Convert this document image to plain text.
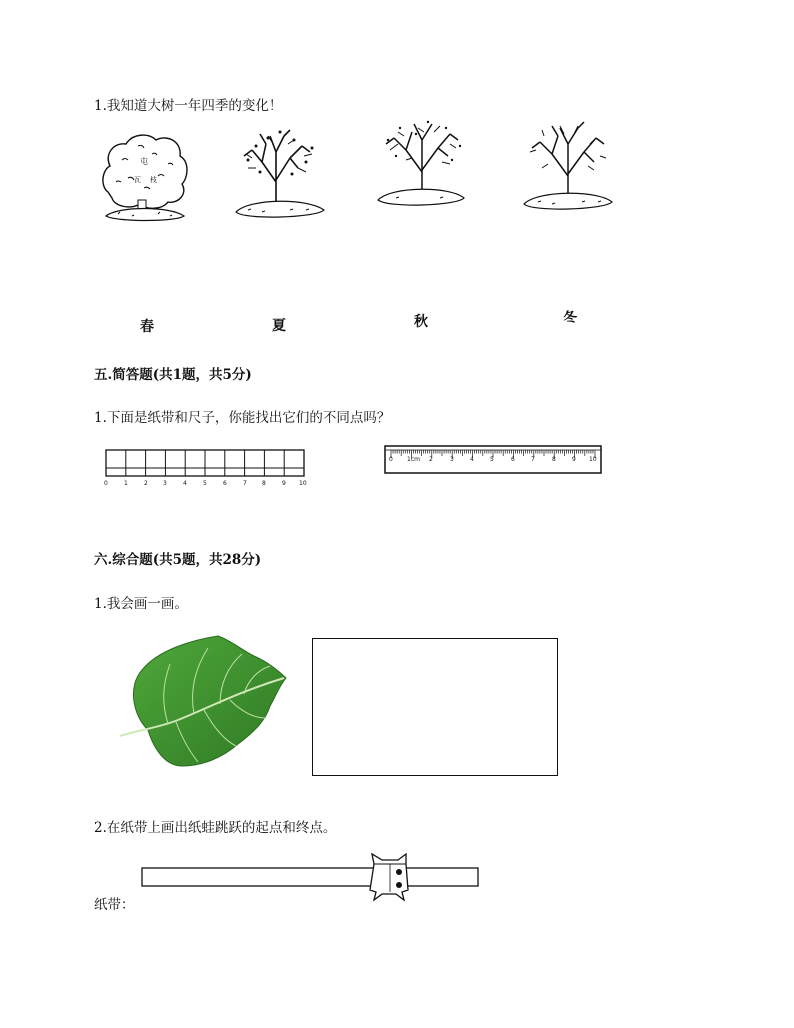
1.我知道大树一年四季的变化！
屯
瓦 枝
春	夏	秋	冬
五.简答题(共1题，共5分)
1.下面是纸带和尺子，你能找出它们的不同点吗？
0	1	2	3	4	5	6	7	8	9 10
0 1cm 2	3	4	5	6	7	8	9 10
六.综合题(共5题，共28分)
1.我会画一画。
2.在纸带上画出纸蛙跳跃的起点和终点。
纸带：
